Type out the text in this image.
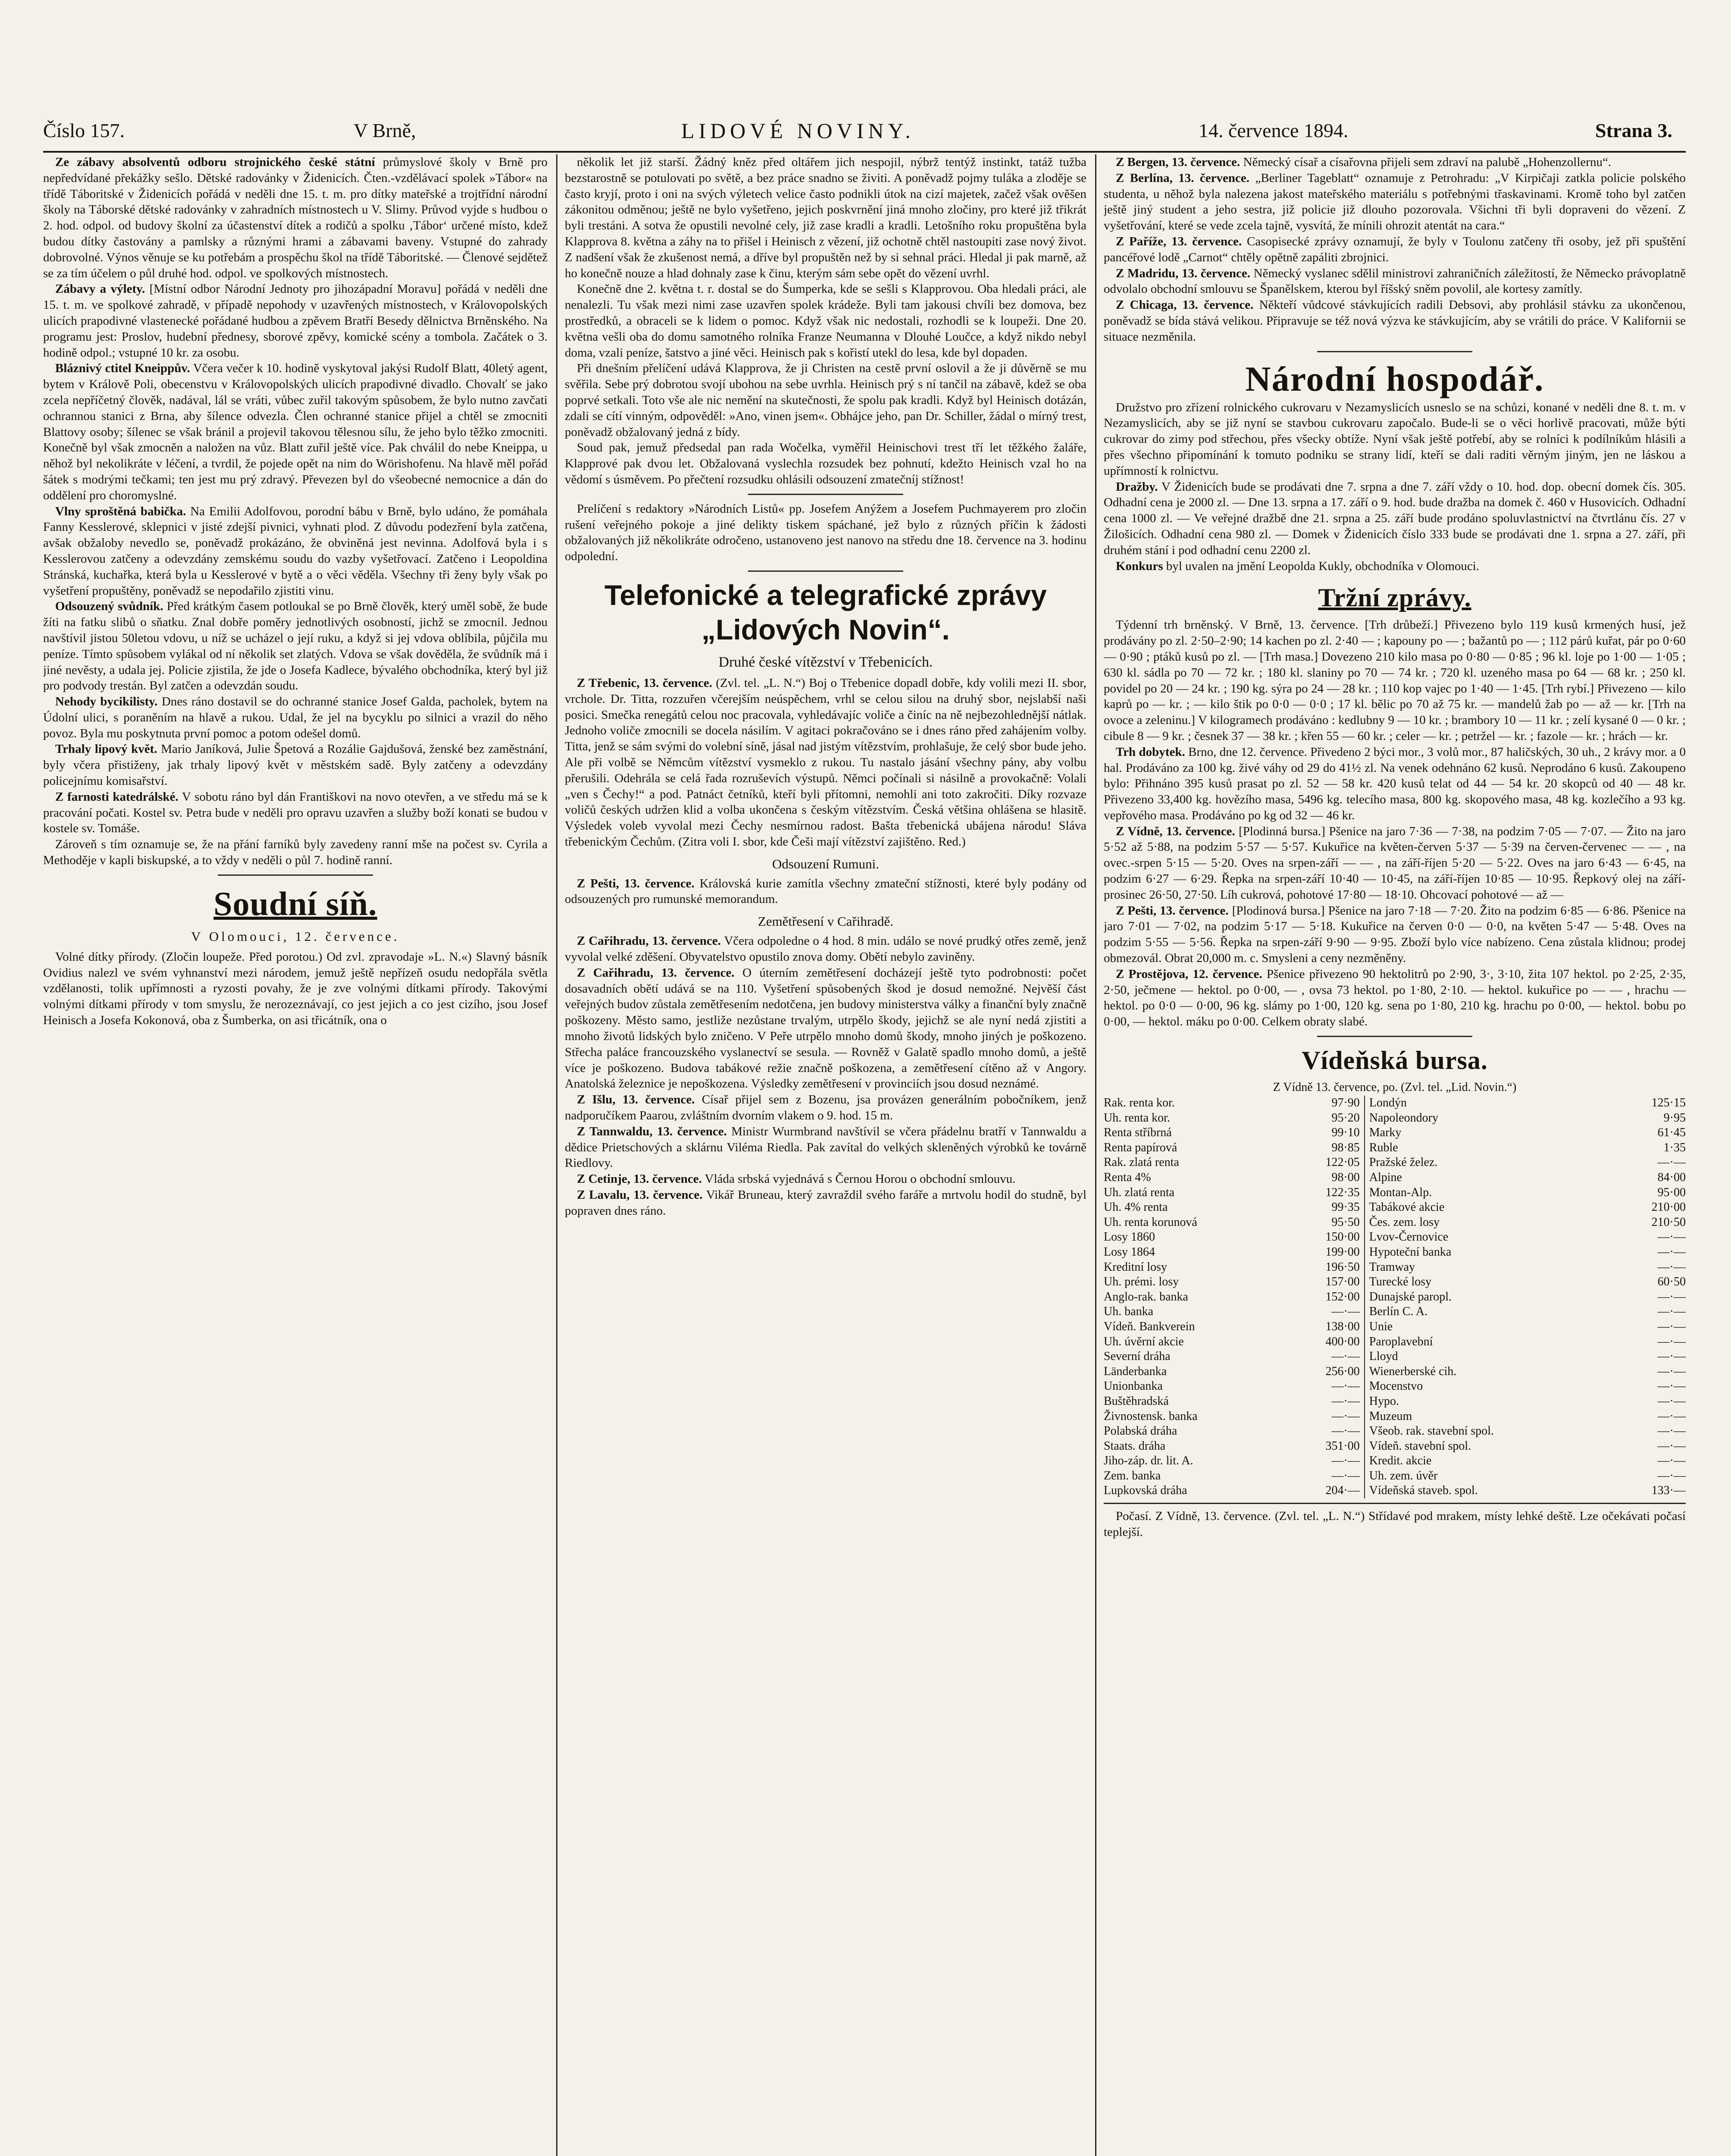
Číslo 157.	V Brně,	LIDOVÉ NOVINY.	14. července 1894.	Strana 3.

Ze zábavy absolventů odboru strojnického české státní průmyslové školy v Brně pro nepředvídané překážky sešlo. Dětské radovánky v Židenicích. Čten.-vzdělávací spolek »Tábor« na třídě Táboritské v Židenicích pořádá v neděli dne 15. t. m. pro dítky mateřské a trojtřídní národní školy na Táborské dětské radovánky v zahradních místnostech u V. Slimy. Průvod vyjde s hudbou o 2. hod. odpol. od budovy školní za účastenství dítek a rodičů a spolku ‚Tábor‘ určené místo, kdež budou dítky častovány a pamlsky a různými hrami a zábavami baveny. Vstupné do zahrady dobrovolné. Výnos věnuje se ku potřebám a prospěchu škol na třídě Táboritské. — Členové sejdětež se za tím účelem o půl druhé hod. odpol. ve spolkových místnostech.

Zábavy a výlety. [Místní odbor Národní Jednoty pro jihozápadní Moravu] pořádá v neděli dne 15. t. m. ve spolkové zahradě, v případě nepohody v uzavřených místnostech, v Královopolských ulicích prapodivné vlastenecké pořádané hudbou a zpěvem Bratří Besedy dělnictva Brněnského. Na programu jest: Proslov, hudební přednesy, sborové zpěvy, komické scény a tombola. Začátek o 3. hodině odpol.; vstupné 10 kr. za osobu.

Bláznivý ctitel Kneippův. Včera večer k 10. hodině vyskytoval jakýsi Rudolf Blatt, 40letý agent, bytem v Králově Poli, obecenstvu v Královopolských ulicích prapodivné divadlo. Chovalť se jako zcela nepříčetný člověk, nadával, lál se vráti, vůbec zuřil takovým spůsobem, že bylo nutno zavčati ochrannou stanici z Brna, aby šílence odvezla. Člen ochranné stanice přijel a chtěl se zmocniti Blattovy osoby; šílenec se však bránil a projevil takovou tělesnou sílu, že jeho bylo těžko zmocniti. Konečně byl však zmocněn a naložen na vůz. Blatt zuřil ještě více. Pak chválil do nebe Kneippa, u něhož byl nekolikráte v léčení, a tvrdil, že pojede opět na nim do Wörishofenu. Na hlavě měl pořád šátek s modrými tečkami; ten jest mu prý zdravý. Převezen byl do všeobecné nemocnice a dán do oddělení pro choromyslné.

Vlny sproštěná babička. Na Emilii Adolfovou, porodní bábu v Brně, bylo udáno, že pomáhala Fanny Kesslerové, sklepnici v jisté zdejší pivnici, vyhnati plod. Z důvodu podezření byla zatčena, avšak obžaloby nevedlo se, poněvadž prokázáno, že obviněná jest nevinna. Adolfová byla i s Kesslerovou zatčeny a odevzdány zemskému soudu do vazby vyšetřovací. Zatčeno i Leopoldina Stránská, kuchařka, která byla u Kesslerové v bytě a o věci věděla. Všechny tři ženy byly však po vyšetření propuštěny, poněvadž se nepodařilo zjistiti vinu.

Odsouzený svůdník. Před krátkým časem potloukal se po Brně člověk, který uměl sobě, že bude žíti na fatku slibů o sňatku. Znal dobře poměry jednotlivých osobností, jichž se zmocnil. Jednou navštívil jistou 50letou vdovu, u níž se ucházel o její ruku, a když si jej vdova oblíbila, půjčila mu peníze. Tímto spůsobem vylákal od ní několik set zlatých. Vdova se však dověděla, že svůdník má i jiné nevěsty, a udala jej. Policie zjistila, že jde o Josefa Kadlece, bývalého obchodníka, který byl již pro podvody trestán. Byl zatčen a odevzdán soudu.

Nehody bycikilisty. Dnes ráno dostavil se do ochranné stanice Josef Galda, pacholek, bytem na Údolní ulici, s poraněním na hlavě a rukou. Udal, že jel na bycyklu po silnici a vrazil do něho povoz. Byla mu poskytnuta první pomoc a potom odešel domů.

Trhaly lipový květ. Mario Janíková, Julie Špetová a Rozálie Gajdušová, ženské bez zaměstnání, byly včera přistiženy, jak trhaly lipový květ v městském sadě. Byly zatčeny a odevzdány policejnímu komisařství.

Z farnosti katedrálské. V sobotu ráno byl dán Františkovi na novo otevřen, a ve středu má se k pracování počati. Kostel sv. Petra bude v neděli pro opravu uzavřen a služby boží konati se budou v kostele sv. Tomáše.

Zároveň s tím oznamuje se, že na přání farníků byly zavedeny ranní mše na počest sv. Cyrila a Methoděje v kapli biskupské, a to vždy v neděli o půl 7. hodině ranní.

Soudní síň.
V Olomouci, 12. července.

Volné dítky přírody. (Zločin loupeže. Před porotou.) Od zvl. zpravodaje »L. N.«) Slavný básník Ovidius nalezl ve svém vyhnanství mezi národem, jemuž ještě nepřízeň osudu nedopřála světla vzdělanosti, tolik upřímnosti a ryzosti povahy, že je zve volnými dítkami přírody. Takovými volnými dítkami přírody v tom smyslu, že nerozeznávají, co jest jejich a co jest cizího, jsou Josef Heinisch a Josefa Kokonová, oba z Šumberka, on asi třicátník, ona o

několik let již starší. Žádný kněz před oltářem jich nespojil, nýbrž tentýž instinkt, tatáž tužba bezstarostně se potulovati po světě, a bez práce snadno se živiti. A poněvadž pojmy tuláka a zloděje se často kryjí, proto i oni na svých výletech velice často podnikli útok na cizí majetek, začež však ověšen zákonitou odměnou; ještě ne bylo vyšetřeno, jejich poskvrnění jiná mnoho zločiny, pro které již třikrát byli trestáni. A sotva že opustili nevolné cely, již zase kradli a kradli. Letošního roku propuštěna byla Klapprova 8. května a záhy na to přišel i Heinisch z vězení, již ochotně chtěl nastoupiti zase nový život. Z nadšení však že zkušenost nemá, a dříve byl propuštěn než by si sehnal práci. Hledal ji pak marně, až ho konečně nouze a hlad dohnaly zase k činu, kterým sám sebe opět do vězení uvrhl.

Konečně dne 2. května t. r. dostal se do Šumperka, kde se sešli s Klapprovou. Oba hledali práci, ale nenalezli. Tu však mezi nimi zase uzavřen spolek krádeže. Byli tam jakousi chvíli bez domova, bez prostředků, a obraceli se k lidem o pomoc. Když však nic nedostali, rozhodli se k loupeži. Dne 20. května vešli oba do domu samotného rolníka Franze Neumanna v Dlouhé Loučce, a když nikdo nebyl doma, vzali peníze, šatstvo a jiné věci. Heinisch pak s kořistí utekl do lesa, kde byl dopaden.

Při dnešním přelíčení udává Klapprova, že ji Christen na cestě první oslovil a že ji důvěrně se mu svěřila. Sebe prý dobrotou svojí ubohou na sebe uvrhla. Heinisch prý s ní tančil na zábavě, kdež se oba poprvé setkali. Toto vše ale nic nemění na skutečnosti, že spolu pak kradli. Když byl Heinisch dotázán, zdali se cítí vinným, odpověděl: »Ano, vinen jsem«. Obhájce jeho, pan Dr. Schiller, žádal o mírný trest, poněvadž obžalovaný jedná z bídy.

Soud pak, jemuž předsedal pan rada Wočelka, vyměřil Heinischovi trest tří let těžkého žaláře, Klapprové pak dvou let. Obžalovaná vyslechla rozsudek bez pohnutí, kdežto Heinisch vzal ho na vědomí s úsměvem. Po přečtení rozsudku ohlásili odsouzení zmatečníj stížnost!

Prelíčení s redaktory »Národních Listů« pp. Josefem Anýžem a Josefem Puchmayerem pro zločin rušení veřejného pokoje a jiné delikty tiskem spáchané, jež bylo z různých příčin k žádosti obžalovaných již několikráte odročeno, ustanoveno jest nanovo na středu dne 18. července na 3. hodinu odpolední.

Telefonické a telegrafické zprávy
„Lidových Novin“.
Druhé české vítězství v Třebenicích.

Z Třebenic, 13. července. (Zvl. tel. „L. N.“) Boj o Třebenice dopadl dobře, kdy volili mezi II. sbor, vrchole. Dr. Titta, rozzuřen včerejším neúspěchem, vrhl se celou silou na druhý sbor, nejslabší naši posici. Smečka renegátů celou noc pracovala, vyhledávajíc voliče a činíc na ně nejbezohlednější nátlak. Jednoho voliče zmocnili se docela násilím. V agitaci pokračováno se i dnes ráno před zahájením volby. Titta, jenž se sám svými do volební síně, jásal nad jistým vítězstvím, prohlašuje, že celý sbor bude jeho. Ale při volbě se Němcům vítězství vysmeklo z rukou. Tu nastalo jásání všechny pány, aby volbu přerušili. Odehrála se celá řada rozruševích výstupů. Němci počínali si násilně a provokačně: Volali „ven s Čechy!“ a pod. Patnáct četníků, kteří byli přítomni, nemohli ani toto zakročiti. Díky rozvaze voličů českých udržen klid a volba ukončena s českým vítězstvím. Česká většina ohlášena se hlasitě. Výsledek voleb vyvolal mezi Čechy nesmírnou radost. Bašta třebenická ubájena národu! Sláva třebenickým Čechům. (Zitra voli I. sbor, kde Češi mají vítězství zajištěno. Red.)

Odsouzení Rumuni.

Z Pešti, 13. července. Královská kurie zamítla všechny zmateční stížnosti, které byly podány od odsouzených pro rumunské memorandum.

Zemětřesení v Cařihradě.

Z Cařihradu, 13. července. Včera odpoledne o 4 hod. 8 min. událo se nové prudký otřes země, jenž vyvolal velké zděšení. Obyvatelstvo opustilo znova domy. Obětí nebylo zaviněny.

Z Cařihradu, 13. července. O úterním zemětřesení docházejí ještě tyto podrobnosti: počet dosavadních obětí udává se na 110. Vyšetření spůsobených škod je dosud nemožné. Nejvěší část veřejných budov zůstala zemětřesením nedotčena, jen budovy ministerstva války a finanční byly značně poškozeny. Město samo, jestliže nezůstane trvalým, utrpělo škody, jejichž se ale nyní nedá zjistiti a mnoho životů lidských bylo zničeno. V Peře utrpělo mnoho domů škody, mnoho jiných je poškozeno. Střecha paláce francouzského vyslanectví se sesula. — Rovněž v Galatě spadlo mnoho domů, a ještě více je poškozeno. Budova tabákové režie značně poškozena, a zemětřesení cítěno až v Angory. Anatolská železnice je nepoškozena. Výsledky zemětřesení v provinciích jsou dosud neznámé.

Z Išlu, 13. července. Císař přijel sem z Bozenu, jsa provázen generálním pobočníkem, jenž nadporučíkem Paarou, zvláštním dvorním vlakem o 9. hod. 15 m.

Z Tannwaldu, 13. července. Ministr Wurmbrand navštívil se včera přádelnu bratří v Tannwaldu a dědice Prietschových a sklárnu Viléma Riedla. Pak zavítal do velkých skleněných výrobků ke továrně Riedlovy.

Z Cetinje, 13. července. Vláda srbská vyjednává s Černou Horou o obchodní smlouvu.

Z Lavalu, 13. července. Vikář Bruneau, který zavraždil svého faráře a mrtvolu hodil do studně, byl popraven dnes ráno.

Z Bergen, 13. července. Německý císař a císařovna přijeli sem zdraví na palubě „Hohenzollernu“.

Z Berlína, 13. července. „Berliner Tageblatt“ oznamuje z Petrohradu: „V Kirpičaji zatkla policie polského studenta, u něhož byla nalezena jakost mateřského materiálu s potřebnými třaskavinami. Kromě toho byl zatčen ještě jiný student a jeho sestra, již policie již dlouho pozorovala. Všichni tři byli dopraveni do vězení. Z vyšetřování, které se vede zcela tajně, vysvítá, že mínili ohrozit atentát na cara.“

Z Paříže, 13. července. Casopisecké zprávy oznamují, že byly v Toulonu zatčeny tři osoby, jež při spuštění pancéřové lodě „Carnot“ chtěly opětně zapáliti zbrojnici.

Z Madridu, 13. července. Německý vyslanec sdělil ministrovi zahraničních záležitostí, že Německo právoplatně odvolalo obchodní smlouvu se Španělskem, kterou byl říšský sněm povolil, ale kortesy zamítly.

Z Chicaga, 13. července. Někteří vůdcové stávkujících radili Debsovi, aby prohlásil stávku za ukončenou, poněvadž se bída stává velikou. Připravuje se též nová výzva ke stávkujícím, aby se vrátili do práce. V Kalifornii se situace nezměnila.

Národní hospodář.

Družstvo pro zřízení rolnického cukrovaru v Nezamyslicích usneslo se na schůzi, konané v neděli dne 8. t. m. v Nezamyslicích, aby se již nyní se stavbou cukrovaru započalo. Bude-li se o věci horlivě pracovati, může býti cukrovar do zimy pod střechou, přes všecky obtíže. Nyní však ještě potřebí, aby se rolníci k podílníkům hlásili a přes všechno připomínání k tomuto podniku se strany lidí, kteří se dali raditi věrným jiným, jen ne láskou a upřímností k rolnictvu.

Dražby. V Židenicích bude se prodávati dne 7. srpna a dne 7. září vždy o 10. hod. dop. obecní domek čís. 305. Odhadní cena je 2000 zl. — Dne 13. srpna a 17. září o 9. hod. bude dražba na domek č. 460 v Husovicích. Odhadní cena 1000 zl. — Ve veřejné dražbě dne 21. srpna a 25. září bude prodáno spoluvlastnictví na čtvrtlánu čís. 27 v Žilošicích. Odhadní cena 980 zl. — Domek v Židenicích číslo 333 bude se prodávati dne 1. srpna a 27. září, při druhém stání i pod odhadní cenu 2200 zl.

Konkurs byl uvalen na jmění Leopolda Kukly, obchodníka v Olomouci.

Tržní zprávy.

Týdenní trh brněnský. V Brně, 13. července. [Trh drůbeží.] Přivezeno bylo 119 kusů krmených husí, jež prodávány po zl. 2·50–2·90; 14 kachen po zl. 2·40 — ; kapouny po — ; bažantů po — ; 112 párů kuřat, pár po 0·60 — 0·90 ; ptáků kusů po zl. — [Trh masa.] Dovezeno 210 kilo masa po 0·80 — 0·85 ; 96 kl. loje po 1·00 — 1·05 ; 630 kl. sádla po 70 — 72 kr. ; 180 kl. slaniny po 70 — 74 kr. ; 720 kl. uzeného masa po 64 — 68 kr. ; 250 kl. povidel po 20 — 24 kr. ; 190 kg. sýra po 24 — 28 kr. ; 110 kop vajec po 1·40 — 1·45. [Trh rybí.] Přivezeno — kilo kaprů po — kr. ; — kilo štik po 0·0 — 0·0 ; 17 kl. bělic po 70 až 75 kr. — mandelů žab po — až — kr. [Trh na ovoce a zeleninu.] V kilogramech prodáváno : kedlubny 9 — 10 kr. ; brambory 10 — 11 kr. ; zelí kysané 0 — 0 kr. ; cibule 8 — 9 kr. ; česnek 37 — 38 kr. ; křen 55 — 60 kr. ; celer — kr. ; petržel — kr. ; fazole — kr. ; hrách — kr.

Trh dobytek. Brno, dne 12. července. Přivedeno 2 býci mor., 3 volů mor., 87 haličských, 30 uh., 2 krávy mor. a 0 hal. Prodáváno za 100 kg. živé váhy od 29 do 41½ zl. Na venek odehnáno 62 kusů. Neprodáno 6 kusů. Zakoupeno bylo: Přihnáno 395 kusů prasat po zl. 52 — 58 kr. 420 kusů telat od 44 — 54 kr. 20 skopců od 40 — 48 kr. Přivezeno 33,400 kg. hovězího masa, 5496 kg. telecího masa, 800 kg. skopového masa, 48 kg. kozlečího a 93 kg. vepřového masa. Prodáváno po kg od 32 — 46 kr.

Z Vídně, 13. července. [Plodinná bursa.] Pšenice na jaro 7·36 — 7·38, na podzim 7·05 — 7·07. — Žito na jaro 5·52 až 5·88, na podzim 5·57 — 5·57. Kukuřice na květen-červen 5·37 — 5·39 na červen-červenec — — , na ovec.-srpen 5·15 — 5·20. Oves na srpen-září — — , na září-říjen 5·20 — 5·22. Oves na jaro 6·43 — 6·45, na podzim 6·27 — 6·29. Řepka na srpen-září 10·40 — 10·45, na září-říjen 10·85 — 10·95. Řepkový olej na září-prosinec 26·50, 27·50. Líh cukrová, pohotové 17·80 — 18·10. Ohcovací pohotové — až —

Z Pešti, 13. července. [Plodinová bursa.] Pšenice na jaro 7·18 — 7·20. Žito na podzim 6·85 — 6·86. Pšenice na jaro 7·01 — 7·02, na podzim 5·17 — 5·18. Kukuřice na červen 0·0 — 0·0, na květen 5·47 — 5·48. Oves na podzim 5·55 — 5·56. Řepka na srpen-září 9·90 — 9·95. Zboží bylo více nabízeno. Cena zůstala klidnou; prodej obmezovál. Obrat 20,000 m. c. Smysleni a ceny nezměněny.

Z Prostějova, 12. července. Pšenice přivezeno 90 hektolitrů po 2·90, 3·, 3·10, žita 107 hektol. po 2·25, 2·35, 2·50, ječmene — hektol. po 0·00, — , ovsa 73 hektol. po 1·80, 2·10. — hektol. kukuřice po — — , hrachu — hektol. po 0·0 — 0·00, 96 kg. slámy po 1·00, 120 kg. sena po 1·80, 210 kg. hrachu po 0·00, — hektol. bobu po 0·00, — hektol. máku po 0·00. Celkem obraty slabé.

Vídeňská bursa.
Z Vídně 13. července, po. (Zvl. tel. „Lid. Novin.“)
Rak. renta kor.	97·90	Londýn	125·15
Uh. renta kor.	95·20	Napoleondory	9·95
Renta stříbrná	99·10	Marky	61·45
Renta papírová	98·85	Ruble	1·35
Rak. zlatá renta	122·05	Pražské želez.	—·—
Renta 4%	98·00	Alpine	84·00
Uh. zlatá renta	122·35	Montan-Alp.	95·00
Uh. 4% renta	99·35	Tabákové akcie	210·00
Uh. renta korunová	95·50	Čes. zem. losy	210·50
Losy 1860	150·00	Lvov-Černovice	—·—
Losy 1864	199·00	Hypoteční banka	—·—
Kreditní losy	196·50	Tramway	—·—
Uh. prémi. losy	157·00	Turecké losy	60·50
Anglo-rak. banka	152·00	Dunajské paropl.	—·—
Uh. banka	—·—	Berlín C. A.	—·—
Vídeň. Bankverein	138·00	Unie	—·—
Uh. úvěrní akcie	400·00	Paroplavební	—·—
Severní dráha	—·—	Lloyd	—·—
Länderbanka	256·00	Wienerberské cih.	—·—
Unionbanka	—·—	Mocenstvo	—·—
Buštěhradská	—·—	Hypo.	—·—
Živnostensk. banka	—·—	Muzeum	—·—
Polabská dráha	—·—	Všeob. rak. stavební spol.	—·—
Staats. dráha	351·00	Vídeň. stavební spol.	—·—
Jiho-záp. dr. lit. A.	—·—	Kredit. akcie	—·—
Zem. banka	—·—	Uh. zem. úvěr	—·—
Lupkovská dráha	204·—	Vídeňská staveb. spol.	133·—

Počasí. Z Vídně, 13. července. (Zvl. tel. „L. N.“) Střídavé pod mrakem, místy lehké deště. Lze očekávati počasí teplejší.
